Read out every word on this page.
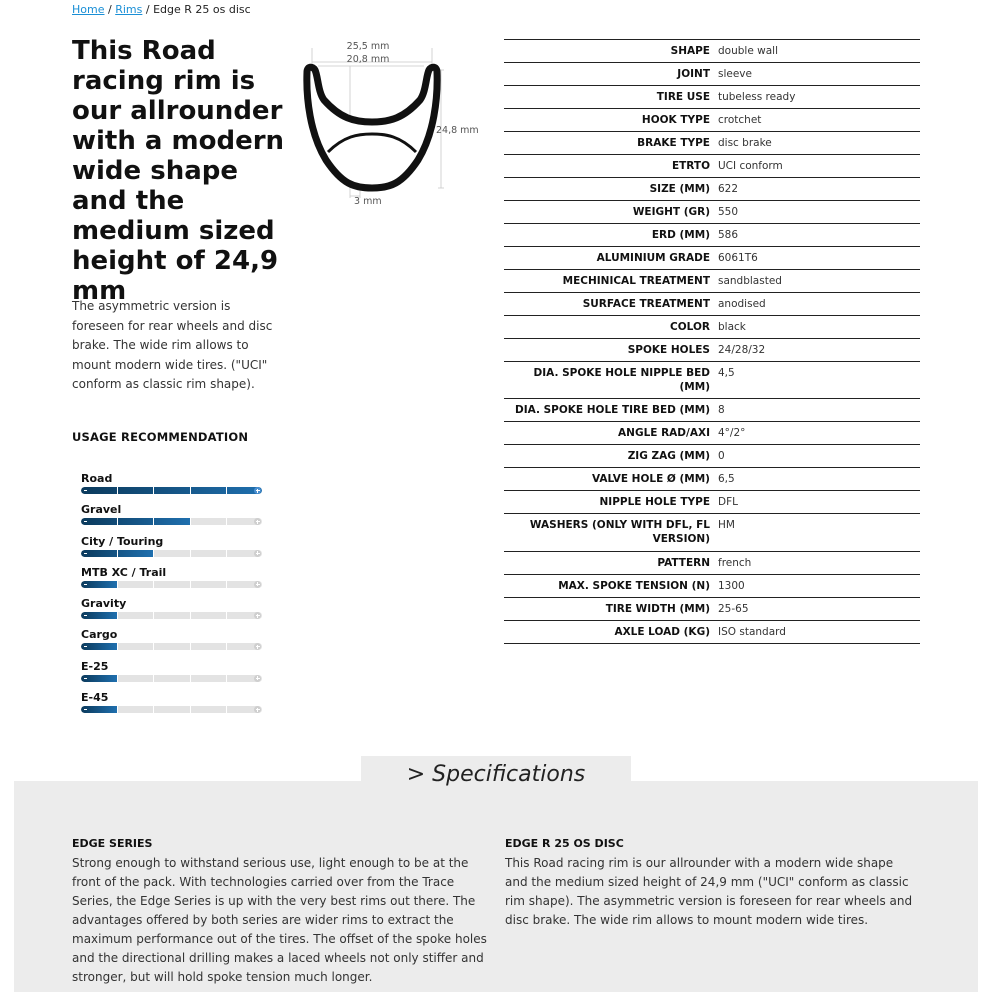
Home / Rims / Edge R 25 os disc
This Road racing rim is our allrounder with a modern wide shape and the medium sized height of 24,9 mm
25,5 mm
20,8 mm
24,8 mm
3 mm

The asymmetric version is foreseen for rear wheels and disc brake. The wide rim allows to mount modern wide tires. ("UCI" conform as classic rim shape).

USAGE RECOMMENDATION
Road
Gravel
City / Touring
MTB XC / Trail
Gravity
Cargo
E-25
E-45
SHAPE	double wall
JOINT	sleeve
TIRE USE	tubeless ready
HOOK TYPE	crotchet
BRAKE TYPE	disc brake
ETRTO	UCI conform
SIZE (MM)	622
WEIGHT (GR)	550
ERD (MM)	586
ALUMINIUM GRADE	6061T6
MECHINICAL TREATMENT	sandblasted
SURFACE TREATMENT	anodised
COLOR	black
SPOKE HOLES	24/28/32
DIA. SPOKE HOLE NIPPLE BED (MM)	4,5
DIA. SPOKE HOLE TIRE BED (MM)	8
ANGLE RAD/AXI	4°/2°
ZIG ZAG (MM)	0
VALVE HOLE Ø (MM)	6,5
NIPPLE HOLE TYPE	DFL
WASHERS (ONLY WITH DFL, FL VERSION)	HM
PATTERN	french
MAX. SPOKE TENSION (N)	1300
TIRE WIDTH (MM)	25-65
AXLE LOAD (KG)	ISO standard
> Specifications
EDGE SERIES

Strong enough to withstand serious use, light enough to be at the front of the pack. With technologies carried over from the Trace Series, the Edge Series is up with the very best rims out there. The advantages offered by both series are wider rims to extract the maximum performance out of the tires. The offset of the spoke holes and the directional drilling makes a laced wheels not only stiffer and stronger, but will hold spoke tension much longer.

EDGE R 25 OS DISC

This Road racing rim is our allrounder with a modern wide shape and the medium sized height of 24,9 mm ("UCI" conform as classic rim shape). The asymmetric version is foreseen for rear wheels and disc brake. The wide rim allows to mount modern wide tires.
